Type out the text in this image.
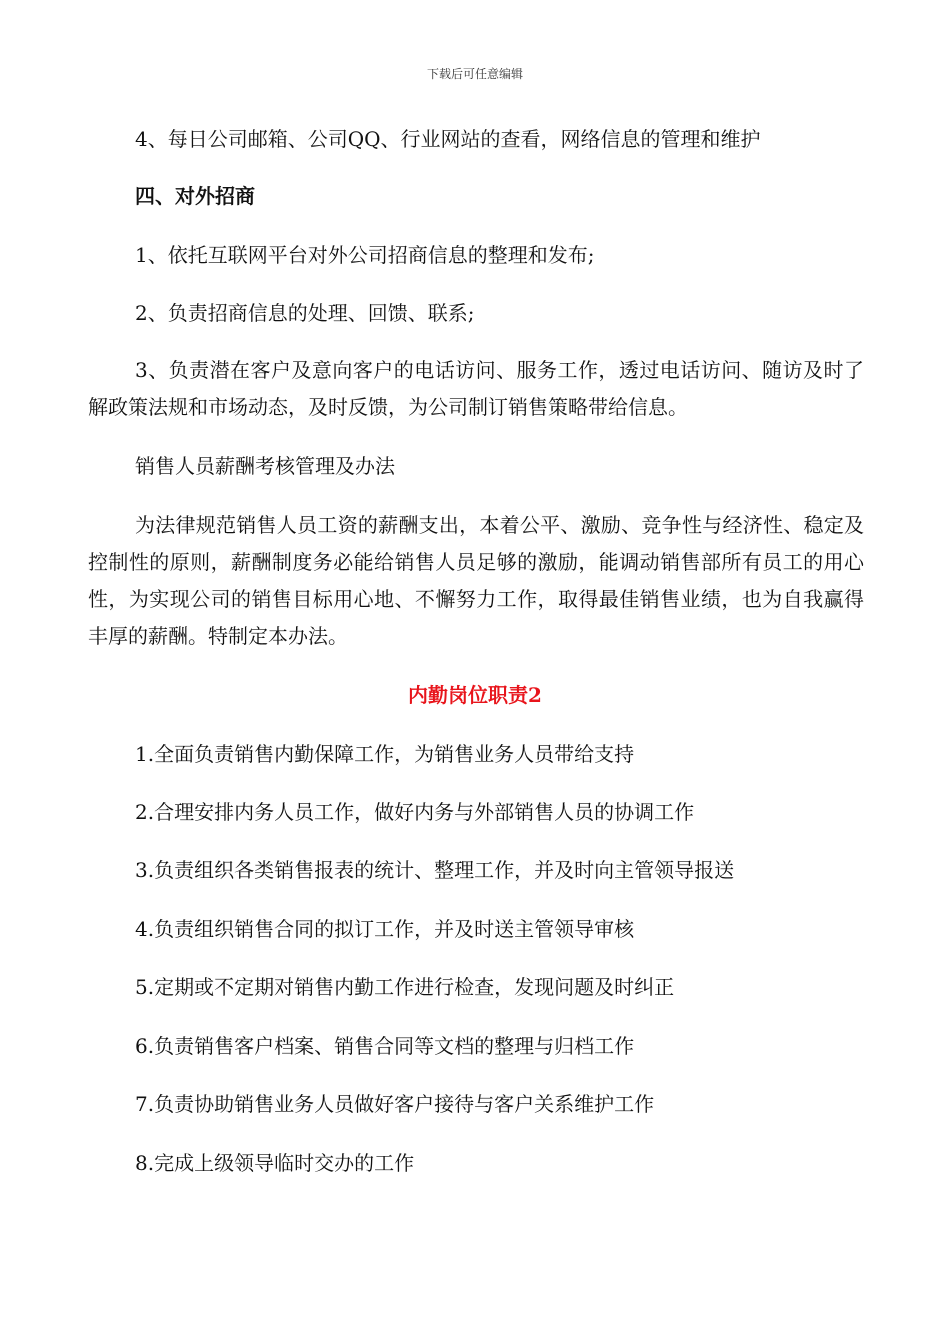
下载后可任意编辑
4、每日公司邮箱、公司QQ、行业网站的查看，网络信息的管理和维护
四、对外招商
1、依托互联网平台对外公司招商信息的整理和发布;
2、负责招商信息的处理、回馈、联系;
3、负责潜在客户及意向客户的电话访问、服务工作，透过电话访问、随访及时了解政策法规和市场动态，及时反馈，为公司制订销售策略带给信息。
销售人员薪酬考核管理及办法
为法律规范销售人员工资的薪酬支出，本着公平、激励、竞争性与经济性、稳定及控制性的原则，薪酬制度务必能给销售人员足够的激励，能调动销售部所有员工的用心性，为实现公司的销售目标用心地、不懈努力工作，取得最佳销售业绩，也为自我赢得丰厚的薪酬。特制定本办法。
内勤岗位职责2
1.全面负责销售内勤保障工作，为销售业务人员带给支持
2.合理安排内务人员工作，做好内务与外部销售人员的协调工作
3.负责组织各类销售报表的统计、整理工作，并及时向主管领导报送
4.负责组织销售合同的拟订工作，并及时送主管领导审核
5.定期或不定期对销售内勤工作进行检查，发现问题及时纠正
6.负责销售客户档案、销售合同等文档的整理与归档工作
7.负责协助销售业务人员做好客户接待与客户关系维护工作
8.完成上级领导临时交办的工作
